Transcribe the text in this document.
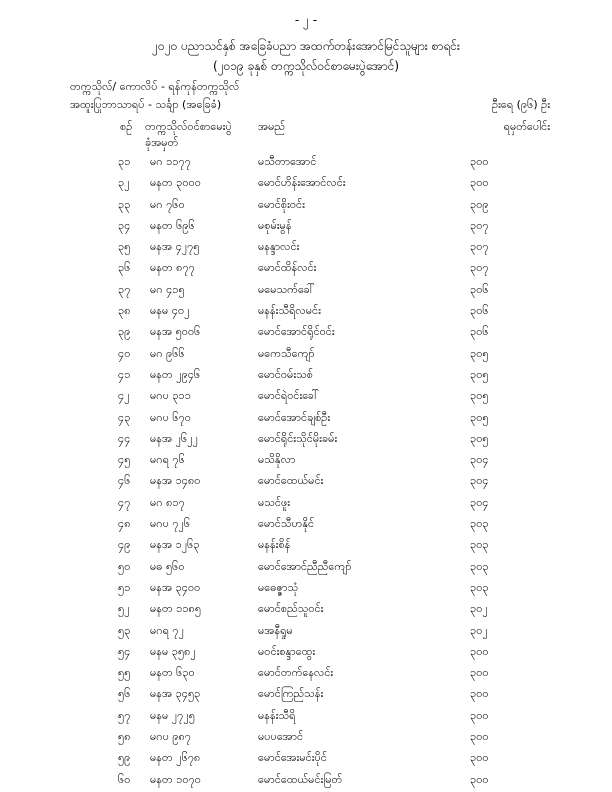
- ၂ -
၂၀၂၀ ပညာသင်နှစ် အခြေခံပညာ အထက်တန်းအောင်မြင်သူများ စာရင်း
(၂၀၁၉ ခုနှစ် တက္ကသိုလ်ဝင်စာမေးပွဲအောင်)
တက္ကသိုလ်/ ကောလိပ် - ရန်ကုန်တက္ကသိုလ်
အထူးပြုဘာသာရပ် - သင်္ချာ (အခြေခံ)	ဦးရေ (၉၆) ဦး
စဉ် တက္ကသိုလ်ဝင်စာမေးပွဲ
ခုံအမှတ်
အမည်	ရမှတ်ပေါင်း
၃၁ မဂ ၁၁၇၇	မသီတာအောင်	၃၀၀
၃၂ မနတ ၃၀၀၀	မောင်ဟိန်းအောင်လင်း	၃၀၀
၃၃ မဂ ၇၆၀	မောင်စိုးဝင်း	၃၀၉
၃၄ မနတ ၆၉၆	မစုမ်းမွန်	၃၀၇
၃၅ မနအ ၄၂၇၅	မနန္ဒာလင်း	၃၀၇
၃၆ မနတ ၈၇၇	မောင်ထိန်လင်း	၃၀၇
၃၇ မဂ ၄၁၅	မမေသက်ခေါ်	၃၀၆
၃၈ မနမ ၄၀၂	မနန်းသီရိလမင်း	၃၀၆
၃၉ မနအ ၅၀၀၆	မောင်အောင်ရိုင်ဝင်း	၃၀၆
၄၀ မဂ ၉၆၆	မကေသီကျော်	၃၀၅
၄၁ မနတ ၂၉၄၆	မောင်ဝမ်းသစ်	၃၀၅
၄၂ မဂပ ၃၁၁	မောင်ရဲဝင်းခေါ်	၃၀၅
၄၃ မဂပ ၆၇၀	မောင်အောင်ချစ်ဦး	၃၀၅
၄၄ မနအ ၂၆၂၂	မောင်ရိုင်းသိုင်မိုးခမ်း	၃၀၅
၄၅ မဂရ ၇၆	မသိနိုလာ	၃၀၄
၄၆ မနအ ၁၄၈၀	မောင်ထေယ်မင်း	၃၀၄
၄၇ မဂ ၈၁၇	မသင်ဖူး	၃၀၄
၄၈ မဂပ ၇၂၆	မောင်သီဟနိုင်	၃၀၃
၄၉ မနအ ၁၂၆၃	မနန်းစိန်	၃၀၃
၅၀ မဓ ၅၆၀	မောင်အောင်ညီညီကျော်	၃၀၃
၅၁ မနအ ၃၄၀၀	မဓေဇ္ဇာသုံ	၃၀၃
၅၂ မနတ ၁၁၈၅	မောင်စည်သူဝင်း	၃၀၂
၅၃ မဂရ ၇၂	မအနီရှုမ	၃၀၂
၅၄ မနမ ၃၅၈၂	မဝင်းစန္ဒာထွေး	၃၀၀
၅၅ မနတ ၆၃၀	မောင်တက်နေလင်း	၃၀၀
၅၆ မနအ ၃၄၅၃	မောင်ကြည်သန်း	၃၀၀
၅၇ မနမ ၂၇၂၅	မနန်းသီရိ	၃၀၀
၅၈ မဂပ ၉၈၇	မပပအောင်	၃၀၀
၅၉ မနတ ၂၆၇၈	မောင်အေးမင်းပိုင်	၃၀၀
၆၀ မနတ ၁၀၇၀	မောင်ထေယ်မင်းမြတ်	၃၀၀
